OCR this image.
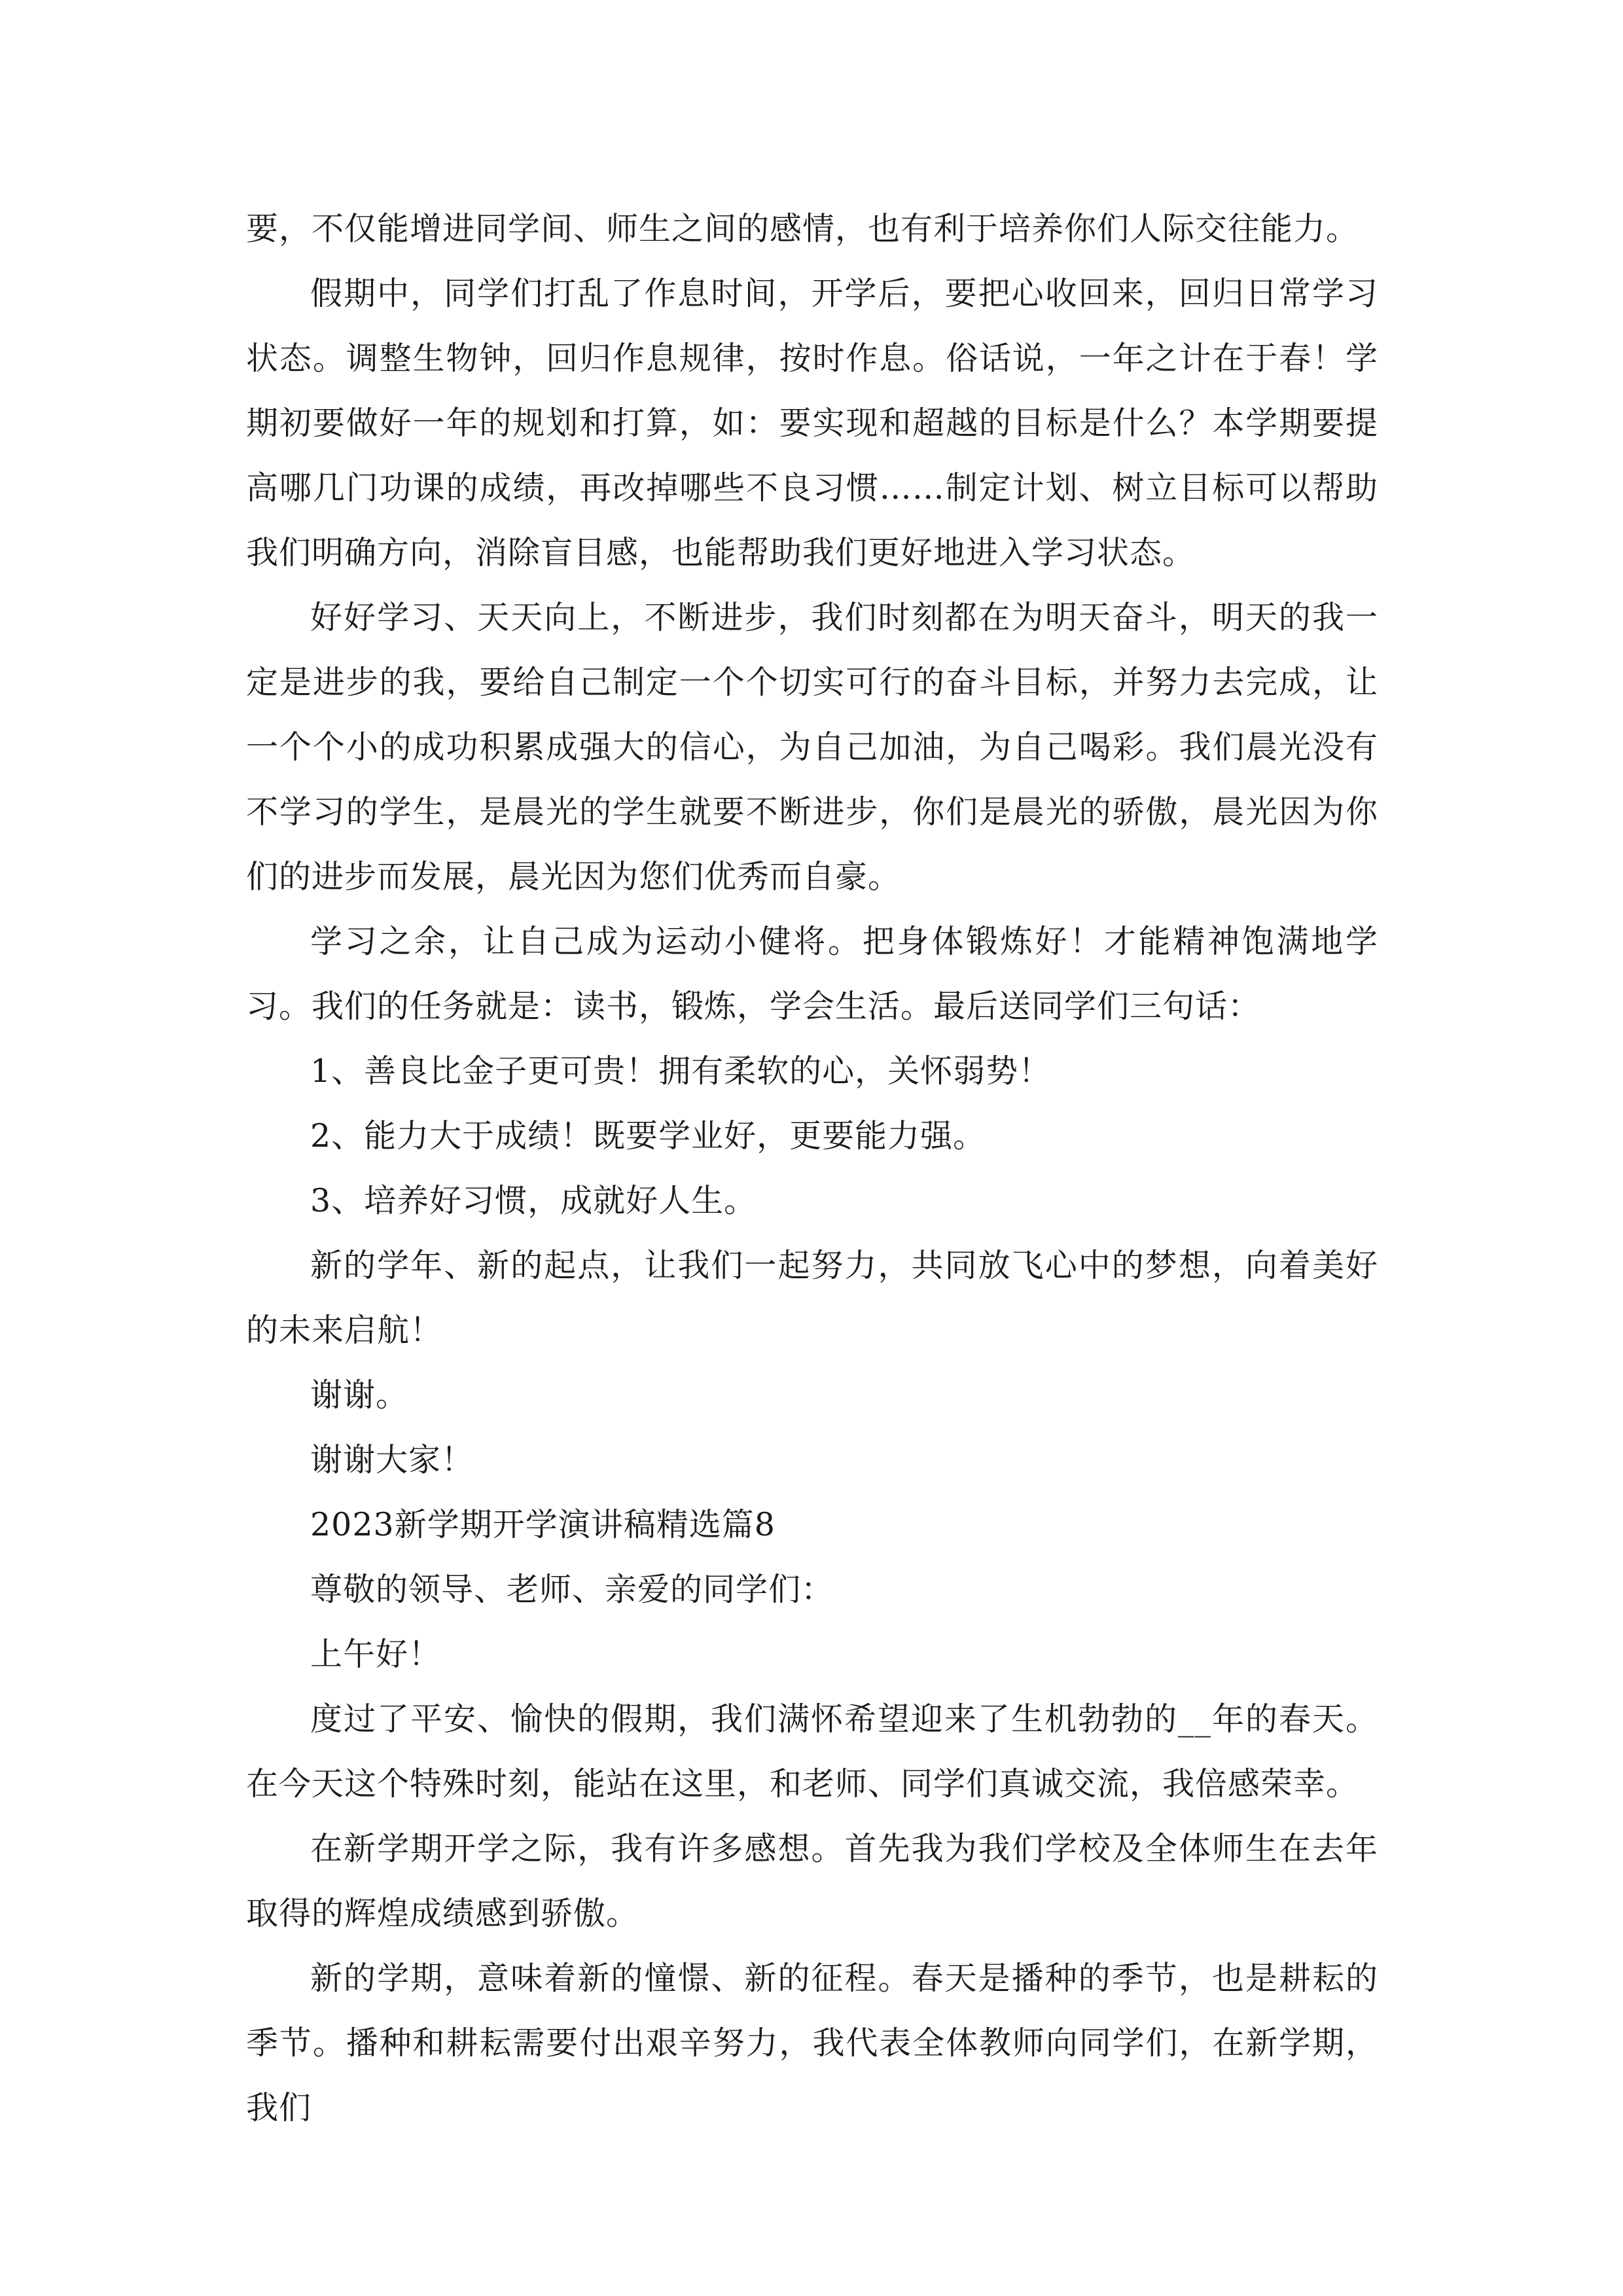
要，不仅能增进同学间、师生之间的感情，也有利于培养你们人际交往能力。

假期中，同学们打乱了作息时间，开学后，要把心收回来，回归日常学习状态。调整生物钟，回归作息规律，按时作息。俗话说，一年之计在于春！学期初要做好一年的规划和打算，如：要实现和超越的目标是什么？本学期要提高哪几门功课的成绩，再改掉哪些不良习惯……制定计划、树立目标可以帮助我们明确方向，消除盲目感，也能帮助我们更好地进入学习状态。

好好学习、天天向上，不断进步，我们时刻都在为明天奋斗，明天的我一定是进步的我，要给自己制定一个个切实可行的奋斗目标，并努力去完成，让一个个小的成功积累成强大的信心，为自己加油，为自己喝彩。我们晨光没有不学习的学生，是晨光的学生就要不断进步，你们是晨光的骄傲，晨光因为你们的进步而发展，晨光因为您们优秀而自豪。

学习之余，让自己成为运动小健将。把身体锻炼好！才能精神饱满地学习。我们的任务就是：读书，锻炼，学会生活。最后送同学们三句话：

1、善良比金子更可贵！拥有柔软的心，关怀弱势！

2、能力大于成绩！既要学业好，更要能力强。

3、培养好习惯，成就好人生。

新的学年、新的起点，让我们一起努力，共同放飞心中的梦想，向着美好的未来启航！

谢谢。

谢谢大家！

2023新学期开学演讲稿精选篇8

尊敬的领导、老师、亲爱的同学们：

上午好！

度过了平安、愉快的假期，我们满怀希望迎来了生机勃勃的__年的春天。在今天这个特殊时刻，能站在这里，和老师、同学们真诚交流，我倍感荣幸。

在新学期开学之际，我有许多感想。首先我为我们学校及全体师生在去年取得的辉煌成绩感到骄傲。

新的学期，意味着新的憧憬、新的征程。春天是播种的季节，也是耕耘的季节。播种和耕耘需要付出艰辛努力，我代表全体教师向同学们，在新学期，我们
